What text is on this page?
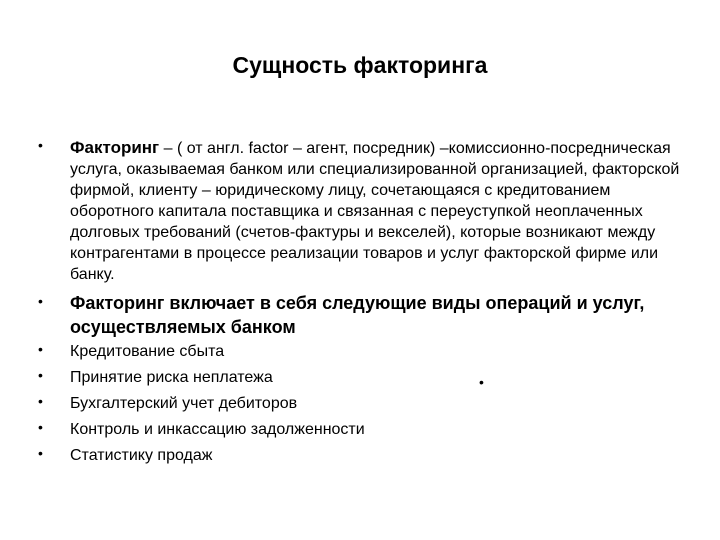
Сущность факторинга
• Факторинг – ( от англ. factor – агент, посредник) –комиссионно-посредническая услуга, оказываемая банком или специализированной организацией, факторской фирмой, клиенту – юридическому лицу, сочетающаяся с кредитованием оборотного капитала поставщика и связанная с переуступкой неоплаченных долговых требований (счетов-фактуры и векселей), которые возникают между контрагентами в процессе реализации товаров и услуг факторской фирме или банку.
• Факторинг включает в себя следующие виды операций и услуг, осуществляемых банком
• Кредитование сбыта
• Принятие риска неплатежа
• Бухгалтерский учет дебиторов
• Контроль и инкассацию задолженности
• Статистику продаж
•
